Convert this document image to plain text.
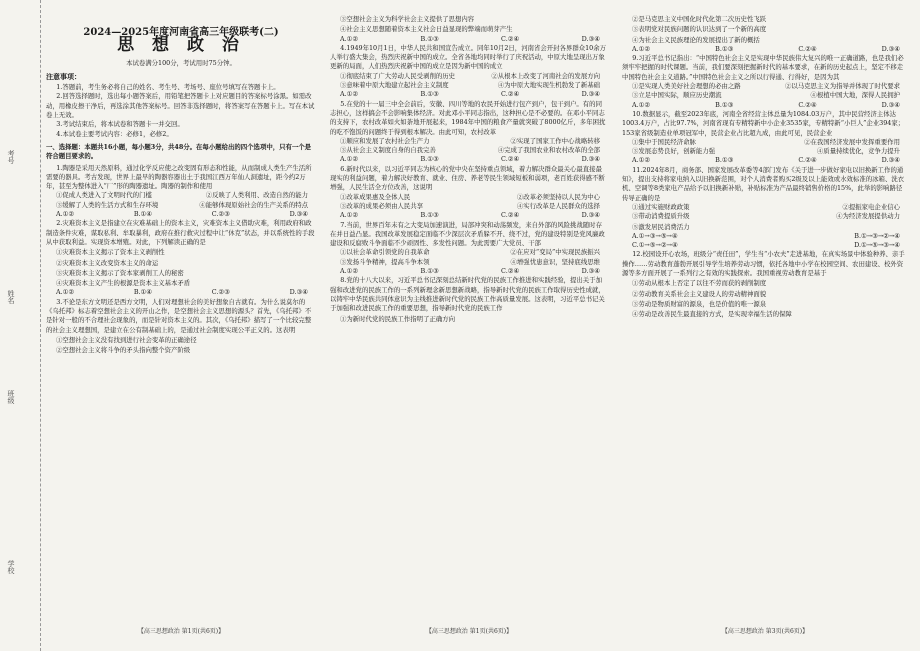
考号
姓名
班级
学校
2024—2025年度河南省高三年级联考(二)
思 想 政 治
本试卷满分100分，考试用时75分钟。
注意事项：

1.答题前，考生务必将自己的姓名、考生号、考场号、座位号填写在答题卡上。

2.回答选择题时，选出每小题答案后，用铅笔把答题卡上对应题目的答案标号涂黑。如需改动，用橡皮擦干净后，再选涂其他答案标号。回答非选择题时，将答案写在答题卡上。写在本试卷上无效。

3.考试结束后，将本试卷和答题卡一并交回。

4.本试卷主要考试内容：必修1，必修2。

一、选择题：本题共16小题，每小题3分，共48分。在每小题给出的四个选项中，只有一个是符合题目要求的。

1.陶器是采用天然原料，通过化学反应使之改变固有形态和性能，从而制成人类生产生活所需要的器具。考古发现，世界上最早的陶器容器出土于我国江西万年仙人洞遗址，距今约2万年，甚至为整体进入“厂”形的陶器遗址。陶器的制作和使用

①促成人类进入了文明时代的门槛	②反映了人类利用、改造自然的能力
③缓解了人类的生活方式和生存环境	④能够体现原始社会的生产关系的特点
A.①②	B.①④	C.②③	D.③④

2.灾难资本主义是指建立在灾难基础上的资本主义，灾难资本主义借助灾难，利用政府和政制造条件灾难，谋取私利、牟取暴利，政府在推行救灾过程中让“休克”状态，并以系统性的手段从中获取利益。实现资本增殖。对此，下列解读正确的是

①灾难资本主义揭示了资本主义剥削性
②灾难资本主义改变资本主义的命运
③灾难资本主义揭示了资本家剥削工人的秘密
④灾难资本主义产生的根源是资本主义基本矛盾
A.①②	B.①④	C.②③	D.③④

3.不论是东方文明还是西方文明，人们对理想社会的美好想象自古就有。为什么说莫尔的《乌托邦》标志着空想社会主义的开山之作，是空想社会主义思想的源头？首先，《乌托邦》不是针对一般的不合理社会现象的，而是针对资本主义的。其次，《乌托邦》描写了一个比较完整的社会主义理想国，是建立在公有制基础上的，是通过社会制度实现公平正义的。这表明

①空想社会主义没有找到进行社会变革的正确途径
②空想社会主义将斗争的矛头指向整个资产阶级
【高三思想政治 第1页(共6页)】
③空想社会主义为科学社会主义提供了思想内容
④社会主义思想随着资本主义社会日益显现的弊端而萌芽产生
A.①②	B.①③	C.②④	D.③④

4.1949年10月1日，中华人民共和国宣告成立。同年10月2日，河南省会开封各界群众10余万人举行盛大集会，热烈庆祝新中国的成立。全省各地均同时举行了庆祝活动，中原大地呈现出万象更新的局面，人们热烈庆祝新中国的成立是因为新中国的成立

①彻底结束了广大劳动人民受剥削的历史	②从根本上改变了河南社会的发展方向
③意味着中原大地建立起社会主义制度	④为中原大地实现生机勃发了新基础
A.①②	B.①③	C.②④	D.③④

5.在党的十一届三中全会前后，安徽、四川等地的农民开始进行包产到户，包干到户。有的同志担心，这样搞会不会影响集体经济。对此邓小平同志指出，这种担心是不必要的。在邓小平同志的支持下，农村改革如火如荼地开展起来，1984年中国的粮食产量就突破了8000亿斤，多年困扰的吃不饱饭的问题终于得到根本解决。由此可知，农村改革

①顺应和发展了农村社会生产力	②实现了国家工作中心战略转移
③从社会主义制度自身的自我完善	④完成了我国农业和农村改革的全部
A.①②	B.①③	C.②④	D.③④

6.新时代以来，以习近平同志为核心的党中央在坚持重点领域，着力解决群众最关心最直接最现实的利益问题，着力解决好教育、就业、住房、养老等民生领域短板和弱项，老百姓获得感不断增强，人民生活全方位改善，这说明

①改革成果惠及全体人民	②改革必须坚持以人民为中心
③改革的成果必须由人民共享	④实行改革是人民群众的选择
A.①②	B.①③	C.②④	D.③④

7.当前，世界百年未有之大变局加速演进，局部冲突和动荡频发，来自外部的风险挑战随时存在并日益凸显。我国改革发展稳定面临不少深层次矛盾躲不开、绕不过，党的建设特别是党风廉政建设和反腐败斗争面临不少顽固性、多发性问题。为此需要广大党员、干部

①以社会革命引领党的自我革命	②在应对“变局”中实现民族振兴
③发扬斗争精神，提高斗争本领	④增强忧患意识，坚持底线思维
A.①②	B.①③	C.②④	D.③④

8.党的十八大以来，习近平总书记深刻总结新时代党的民族工作推进和实践经验，提出关于加强和改进党的民族工作的一系列新理念新思想新战略，指导新时代党的民族工作取得历史性成就，以铸牢中华民族共同体意识为主线推进新时代党的民族工作高质量发展。这表明，习近平总书记关于加强和改进民族工作的重要思想，指导新时代党的民族工作

①为新时代党的民族工作指明了正确方向
【高三思想政治 第1页(共6页)】
②是马克思主义中国化时代化第二次历史性飞跃
③表明党对民族问题的认识达到了一个新的高度
④为社会主义民族理论的发展提出了新的概括
A.①②	B.①③	C.②④	D.③④

9.习近平总书记指出：“中国特色社会主义是实现中华民族伟大复兴的唯一正确道路，也是我们必须牢牢把握的时代课题。当前，我们要深刻把握新时代的基本要求，在新的历史起点上，坚定不移走中国特色社会主义道路。”中国特色社会主义之所以行得通、行得好，是因为其

①是实现人类美好社会理想的必由之路	②以马克思主义为指导并体现了时代要求
③立足中国实际，顺应历史潮流	④根植中国大地，深得人民拥护
A.①②	B.①③	C.②④	D.③④

10.数据显示，截至2023年底，河南全省经营主体总量为1084.03万户，其中民营经济主体达1003.4万户，占比97.7%，河南省现有专精特新中小企业3535家，专精特新“小巨人”企业394家；153家省级制造业单项冠军中，民营企业占比超九成，由此可见，民营企业

①集中于国民经济命脉	②在我国经济发展中发挥重要作用
③发展态势良好，创新能力强	④质量持续优化，竞争力提升
A.①②	B.①③	C.②④	D.③④

11.2024年8月，商务部、国家发展改革委等4部门发布《关于进一步做好家电以旧换新工作的通知》，提出支持将家电纳入以旧换新范围，对个人消费者购买2级及以上能效或水效标准的冰箱、洗衣机、空调等8类家电产品给予以旧换新补贴，补贴标准为产品最终销售价格的15%，此举的影响路径传导正确的是

①通过实施财政政策	②提振家电企业信心
③带动消费提质升级	④为经济发展提供动力
⑤激发居民消费活力
A.①→③→⑤→④	B.①→③→②→④
C.①→⑤→②→④	D.①→⑤→③→④

12.校园设开心农场，班级分“责任田”，学生当“小农夫”走进基地，在真实场景中体验种养、亲手操作……劳动教育蓬勃开展引导学生培养劳动习惯，依托各地中小学在校园空间、农田建设、校外资源等多方面开展了一系列行之有效的实践探索。我国重视劳动教育是基于

①劳动从根本上否定了以往不劳而获的剥削制度
②劳动教育关系社会主义建设人的劳动精神面貌
③劳动是物质财富的源泉，也是价值的唯一源泉
④劳动是改善民生最直接的方式，是实现幸福生活的保障
【高三思想政治 第3页(共6页)】
